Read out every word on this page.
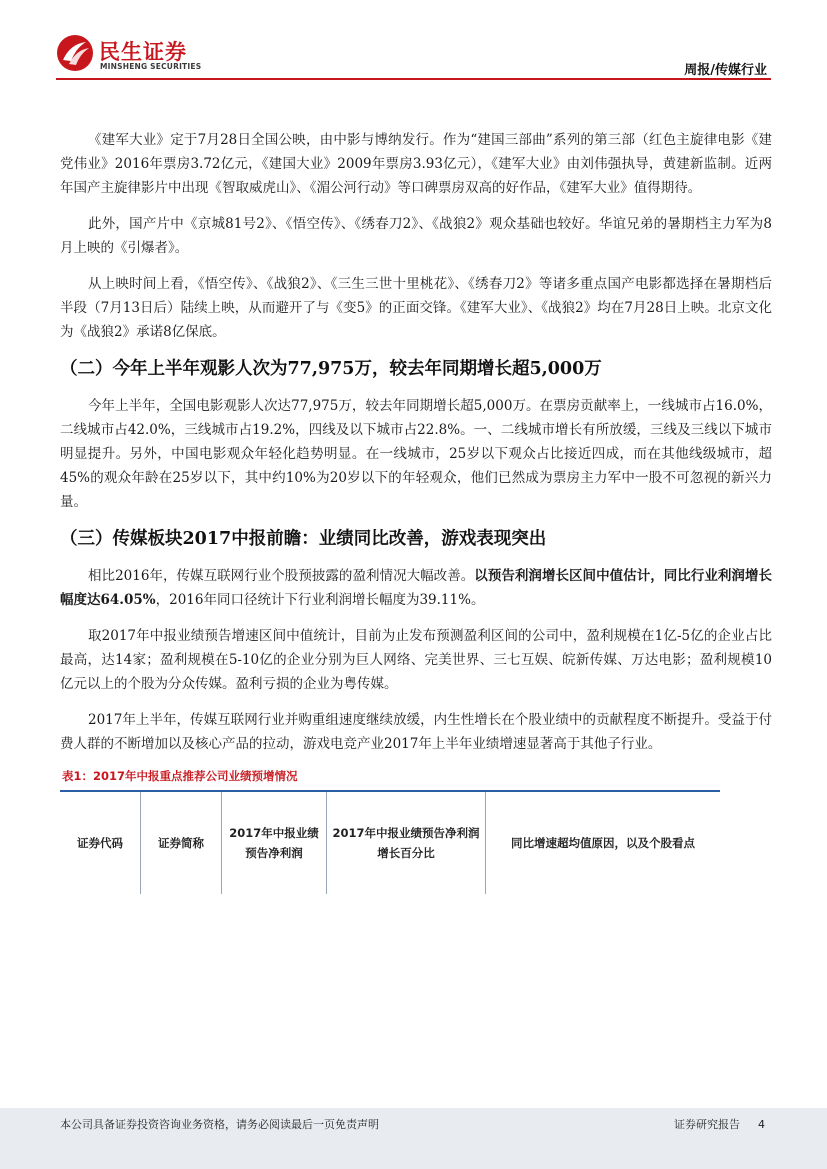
民生证券
MINSHENG SECURITIES	周报/传媒行业

《建军大业》定于7月28日全国公映，由中影与博纳发行。作为“建国三部曲”系列的第三部（红色主旋律电影《建党伟业》2016年票房3.72亿元，《建国大业》2009年票房3.93亿元），《建军大业》由刘伟强执导，黄建新监制。近两年国产主旋律影片中出现《智取威虎山》、《湄公河行动》等口碑票房双高的好作品，《建军大业》值得期待。

此外，国产片中《京城81号2》、《悟空传》、《绣春刀2》、《战狼2》观众基础也较好。华谊兄弟的暑期档主力军为8月上映的《引爆者》。

从上映时间上看，《悟空传》、《战狼2》、《三生三世十里桃花》、《绣春刀2》等诸多重点国产电影都选择在暑期档后半段（7月13日后）陆续上映，从而避开了与《变5》的正面交锋。《建军大业》、《战狼2》均在7月28日上映。北京文化为《战狼2》承诺8亿保底。

（二）今年上半年观影人次为77,975万，较去年同期增长超5,000万

今年上半年，全国电影观影人次达77,975万，较去年同期增长超5,000万。在票房贡献率上，一线城市占16.0%，二线城市占42.0%，三线城市占19.2%，四线及以下城市占22.8%。一、二线城市增长有所放缓，三线及三线以下城市明显提升。另外，中国电影观众年轻化趋势明显。在一线城市，25岁以下观众占比接近四成，而在其他线级城市，超45%的观众年龄在25岁以下，其中约10%为20岁以下的年轻观众，他们已然成为票房主力军中一股不可忽视的新兴力量。

（三）传媒板块2017中报前瞻：业绩同比改善，游戏表现突出

相比2016年，传媒互联网行业个股预披露的盈利情况大幅改善。以预告利润增长区间中值估计，同比行业利润增长幅度达64.05%，2016年同口径统计下行业利润增长幅度为39.11%。

取2017年中报业绩预告增速区间中值统计，目前为止发布预测盈利区间的公司中，盈利规模在1亿-5亿的企业占比最高，达14家；盈利规模在5-10亿的企业分别为巨人网络、完美世界、三七互娱、皖新传媒、万达电影；盈利规模10亿元以上的个股为分众传媒。盈利亏损的企业为粤传媒。

2017年上半年，传媒互联网行业并购重组速度继续放缓，内生性增长在个股业绩中的贡献程度不断提升。受益于付费人群的不断增加以及核心产品的拉动，游戏电竞产业2017年上半年业绩增速显著高于其他子行业。

表1：2017年中报重点推荐公司业绩预增情况
证券代码	证券简称	2017年中报业绩预告净利润	2017年中报业绩预告净利润增长百分比	同比增速超均值原因，以及个股看点
本公司具备证券投资咨询业务资格，请务必阅读最后一页免责声明	证券研究报告 4
